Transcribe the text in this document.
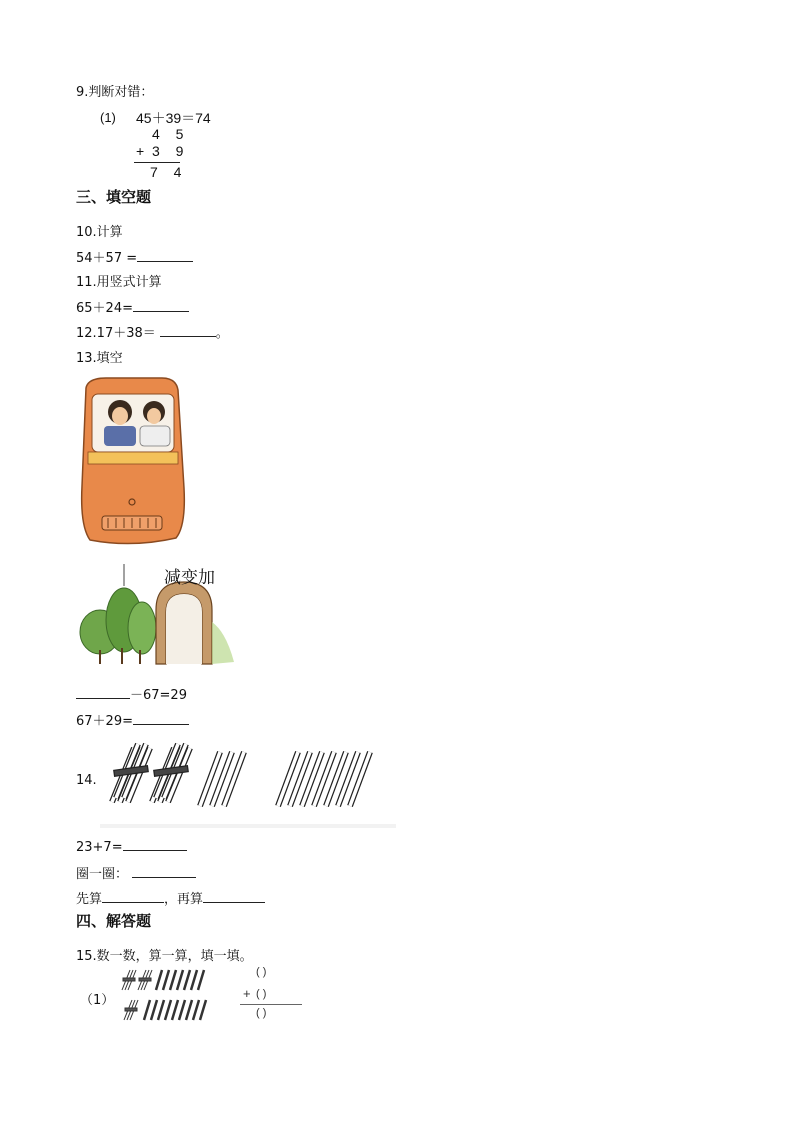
9.判断对错：
(1) 45＋39＝74
4 5
+ 3 9
7 4
三、填空题
10.计算
54＋57 =
11.用竖式计算
65＋24=
12.17＋38＝	。
13.填空
减变加
－67=29
67＋29=
14.
23+7=
圈一圈：
先算	，再算
四、解答题
15.数一数，算一算，填一填。
（1）
( )
+ ( )
( )
